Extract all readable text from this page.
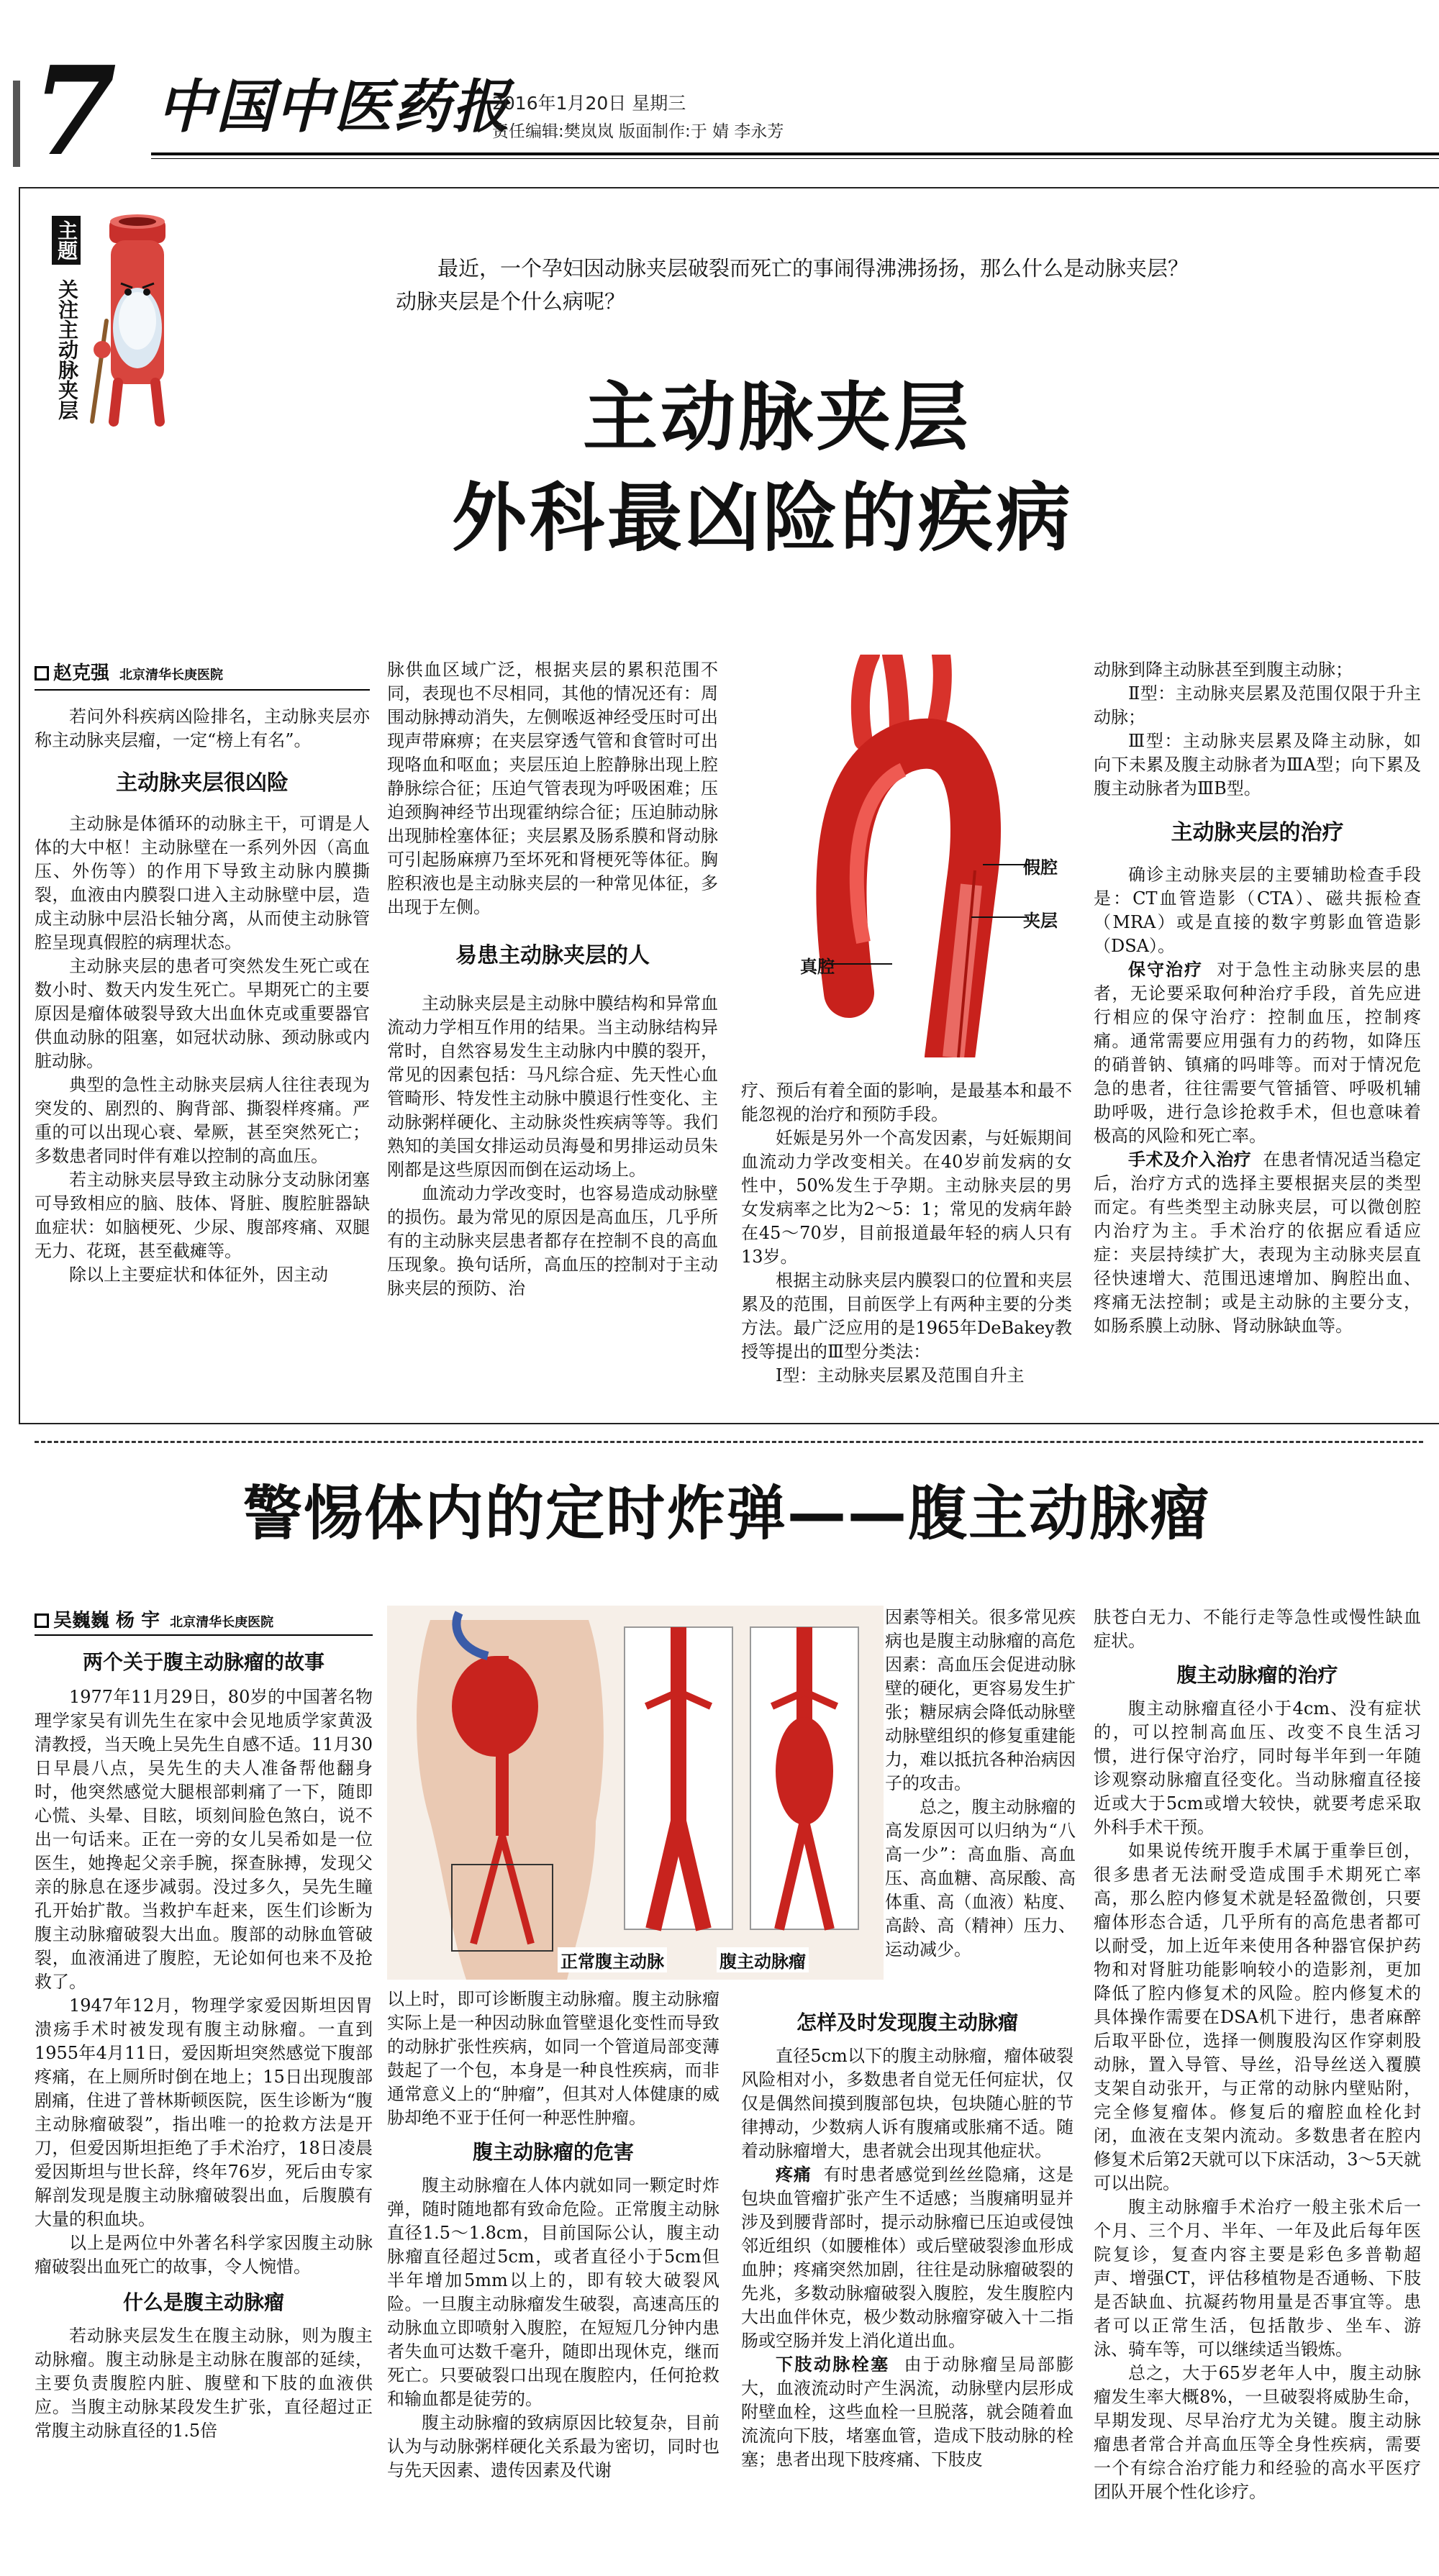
7 中国中医药报
2016年1月20日 星期三
责任编辑:樊岚岚 版面制作:于 婧 李永芳
主题
关注主动脉夹层
最近，一个孕妇因动脉夹层破裂而死亡的事闹得沸沸扬扬，那么什么是动脉夹层？动脉夹层是个什么病呢？
主动脉夹层
外科最凶险的疾病
赵克强 北京清华长庚医院

若问外科疾病凶险排名，主动脉夹层亦称主动脉夹层瘤，一定“榜上有名”。

主动脉夹层很凶险

主动脉是体循环的动脉主干，可谓是人体的大中枢！主动脉壁在一系列外因（高血压、外伤等）的作用下导致主动脉内膜撕裂，血液由内膜裂口进入主动脉壁中层，造成主动脉中层沿长轴分离，从而使主动脉管腔呈现真假腔的病理状态。

主动脉夹层的患者可突然发生死亡或在数小时、数天内发生死亡。早期死亡的主要原因是瘤体破裂导致大出血休克或重要器官供血动脉的阻塞，如冠状动脉、颈动脉或内脏动脉。

典型的急性主动脉夹层病人往往表现为突发的、剧烈的、胸背部、撕裂样疼痛。严重的可以出现心衰、晕厥，甚至突然死亡；多数患者同时伴有难以控制的高血压。

若主动脉夹层导致主动脉分支动脉闭塞可导致相应的脑、肢体、肾脏、腹腔脏器缺血症状：如脑梗死、少尿、腹部疼痛、双腿无力、花斑，甚至截瘫等。

除以上主要症状和体征外，因主动

脉供血区域广泛，根据夹层的累积范围不同，表现也不尽相同，其他的情况还有：周围动脉搏动消失，左侧喉返神经受压时可出现声带麻痹；在夹层穿透气管和食管时可出现咯血和呕血；夹层压迫上腔静脉出现上腔静脉综合征；压迫气管表现为呼吸困难；压迫颈胸神经节出现霍纳综合征；压迫肺动脉出现肺栓塞体征；夹层累及肠系膜和肾动脉可引起肠麻痹乃至坏死和肾梗死等体征。胸腔积液也是主动脉夹层的一种常见体征，多出现于左侧。

易患主动脉夹层的人

主动脉夹层是主动脉中膜结构和异常血流动力学相互作用的结果。当主动脉结构异常时，自然容易发生主动脉内中膜的裂开，常见的因素包括：马凡综合症、先天性心血管畸形、特发性主动脉中膜退行性变化、主动脉粥样硬化、主动脉炎性疾病等等。我们熟知的美国女排运动员海曼和男排运动员朱刚都是这些原因而倒在运动场上。

血流动力学改变时，也容易造成动脉壁的损伤。最为常见的原因是高血压，几乎所有的主动脉夹层患者都存在控制不良的高血压现象。换句话所，高血压的控制对于主动脉夹层的预防、治

假腔
夹层
真腔

疗、预后有着全面的影响，是最基本和最不能忽视的治疗和预防手段。

妊娠是另外一个高发因素，与妊娠期间血流动力学改变相关。在40岁前发病的女性中，50%发生于孕期。主动脉夹层的男女发病率之比为2～5：1；常见的发病年龄在45～70岁，目前报道最年轻的病人只有13岁。

根据主动脉夹层内膜裂口的位置和夹层累及的范围，目前医学上有两种主要的分类方法。最广泛应用的是1965年DeBakey教授等提出的Ⅲ型分类法：

Ⅰ型：主动脉夹层累及范围自升主

动脉到降主动脉甚至到腹主动脉；

Ⅱ型：主动脉夹层累及范围仅限于升主动脉；

Ⅲ型：主动脉夹层累及降主动脉，如向下未累及腹主动脉者为ⅢA型；向下累及腹主动脉者为ⅢB型。

主动脉夹层的治疗

确诊主动脉夹层的主要辅助检查手段是：CT血管造影（CTA）、磁共振检查（MRA）或是直接的数字剪影血管造影（DSA）。

保守治疗 对于急性主动脉夹层的患者，无论要采取何种治疗手段，首先应进行相应的保守治疗：控制血压，控制疼痛。通常需要应用强有力的药物，如降压的硝普钠、镇痛的吗啡等。而对于情况危急的患者，往往需要气管插管、呼吸机辅助呼吸，进行急诊抢救手术，但也意味着极高的风险和死亡率。

手术及介入治疗 在患者情况适当稳定后，治疗方式的选择主要根据夹层的类型而定。有些类型主动脉夹层，可以微创腔内治疗为主。手术治疗的依据应看适应症：夹层持续扩大，表现为主动脉夹层直径快速增大、范围迅速增加、胸腔出血、疼痛无法控制；或是主动脉的主要分支，如肠系膜上动脉、肾动脉缺血等。

警惕体内的定时炸弹——腹主动脉瘤
吴巍巍 杨 宇 北京清华长庚医院
两个关于腹主动脉瘤的故事

1977年11月29日，80岁的中国著名物理学家吴有训先生在家中会见地质学家黄汲清教授，当天晚上吴先生自感不适。11月30日早晨八点，吴先生的夫人准备帮他翻身时，他突然感觉大腿根部剌痛了一下，随即心慌、头晕、目眩，顷刻间脸色煞白，说不出一句话来。正在一旁的女儿吴希如是一位医生，她搀起父亲手腕，探查脉搏，发现父亲的脉息在逐步减弱。没过多久，吴先生瞳孔开始扩散。当救护车赶来，医生们诊断为腹主动脉瘤破裂大出血。腹部的动脉血管破裂，血液涌进了腹腔，无论如何也来不及抢救了。

1947年12月，物理学家爱因斯坦因胃溃疡手术时被发现有腹主动脉瘤。一直到1955年4月11日，爱因斯坦突然感觉下腹部疼痛，在上厕所时倒在地上；15日出现腹部剧痛，住进了普林斯顿医院，医生诊断为“腹主动脉瘤破裂”，指出唯一的抢救方法是开刀，但爱因斯坦拒绝了手术治疗，18日凌晨爱因斯坦与世长辞，终年76岁，死后由专家解剖发现是腹主动脉瘤破裂出血，后腹膜有大量的积血块。

以上是两位中外著名科学家因腹主动脉瘤破裂出血死亡的故事，令人惋惜。

什么是腹主动脉瘤

若动脉夹层发生在腹主动脉，则为腹主动脉瘤。腹主动脉是主动脉在腹部的延续，主要负责腹腔内脏、腹壁和下肢的血液供应。当腹主动脉某段发生扩张，直径超过正常腹主动脉直径的1.5倍

正常腹主动脉	腹主动脉瘤

以上时，即可诊断腹主动脉瘤。腹主动脉瘤实际上是一种因动脉血管壁退化变性而导致的动脉扩张性疾病，如同一个管道局部变薄鼓起了一个包，本身是一种良性疾病，而非通常意义上的“肿瘤”，但其对人体健康的威胁却绝不亚于任何一种恶性肿瘤。

腹主动脉瘤的危害

腹主动脉瘤在人体内就如同一颗定时炸弹，随时随地都有致命危险。正常腹主动脉直径1.5～1.8cm，目前国际公认，腹主动脉瘤直径超过5cm，或者直径小于5cm但半年增加5mm以上的，即有较大破裂风险。一旦腹主动脉瘤发生破裂，高速高压的动脉血立即喷射入腹腔，在短短几分钟内患者失血可达数千毫升，随即出现休克，继而死亡。只要破裂口出现在腹腔内，任何抢救和输血都是徒劳的。

腹主动脉瘤的致病原因比较复杂，目前认为与动脉粥样硬化关系最为密切，同时也与先天因素、遗传因素及代谢

因素等相关。很多常见疾病也是腹主动脉瘤的高危因素：高血压会促进动脉壁的硬化，更容易发生扩张；糖尿病会降低动脉壁动脉壁组织的修复重建能力，难以抵抗各种治病因子的攻击。

总之，腹主动脉瘤的高发原因可以归纳为“八高一少”：高血脂、高血压、高血糖、高尿酸、高体重、高（血液）粘度、高龄、高（精神）压力、运动减少。

怎样及时发现腹主动脉瘤

直径5cm以下的腹主动脉瘤，瘤体破裂风险相对小，多数患者自觉无任何症状，仅仅是偶然间摸到腹部包块，包块随心脏的节律搏动，少数病人诉有腹痛或胀痛不适。随着动脉瘤增大，患者就会出现其他症状。

疼痛 有时患者感觉到丝丝隐痛，这是包块血管瘤扩张产生不适感；当腹痛明显并涉及到腰背部时，提示动脉瘤已压迫或侵蚀邻近组织（如腰椎体）或后壁破裂渗血形成血肿；疼痛突然加剧，往往是动脉瘤破裂的先兆，多数动脉瘤破裂入腹腔，发生腹腔内大出血伴休克，极少数动脉瘤穿破入十二指肠或空肠并发上消化道出血。

下肢动脉栓塞 由于动脉瘤呈局部膨大，血液流动时产生涡流，动脉壁内层形成附壁血栓，这些血栓一旦脱落，就会随着血流流向下肢，堵塞血管，造成下肢动脉的栓塞；患者出现下肢疼痛、下肢皮

肤苍白无力、不能行走等急性或慢性缺血症状。

腹主动脉瘤的治疗

腹主动脉瘤直径小于4cm、没有症状的，可以控制高血压、改变不良生活习惯，进行保守治疗，同时每半年到一年随诊观察动脉瘤直径变化。当动脉瘤直径接近或大于5cm或增大较快，就要考虑采取外科手术干预。

如果说传统开腹手术属于重拳巨创，很多患者无法耐受造成围手术期死亡率高，那么腔内修复术就是轻盈微创，只要瘤体形态合适，几乎所有的高危患者都可以耐受，加上近年来使用各种器官保护药物和对肾脏功能影响较小的造影剂，更加降低了腔内修复术的风险。腔内修复术的具体操作需要在DSA机下进行，患者麻醉后取平卧位，选择一侧腹股沟区作穿刺股动脉，置入导管、导丝，沿导丝送入覆膜支架自动张开，与正常的动脉内壁贴附，完全修复瘤体。修复后的瘤腔血栓化封闭，血液在支架内流动。多数患者在腔内修复术后第2天就可以下床活动，3～5天就可以出院。

腹主动脉瘤手术治疗一般主张术后一个月、三个月、半年、一年及此后每年医院复诊，复查内容主要是彩色多普勒超声、增强CT，评估移植物是否通畅、下肢是否缺血、抗凝药物用量是否事宜等。患者可以正常生活，包括散步、坐车、游泳、骑车等，可以继续适当锻炼。

总之，大于65岁老年人中，腹主动脉瘤发生率大概8%，一旦破裂将威胁生命，早期发现、尽早治疗尤为关键。腹主动脉瘤患者常合并高血压等全身性疾病，需要一个有综合治疗能力和经验的高水平医疗团队开展个性化诊疗。
